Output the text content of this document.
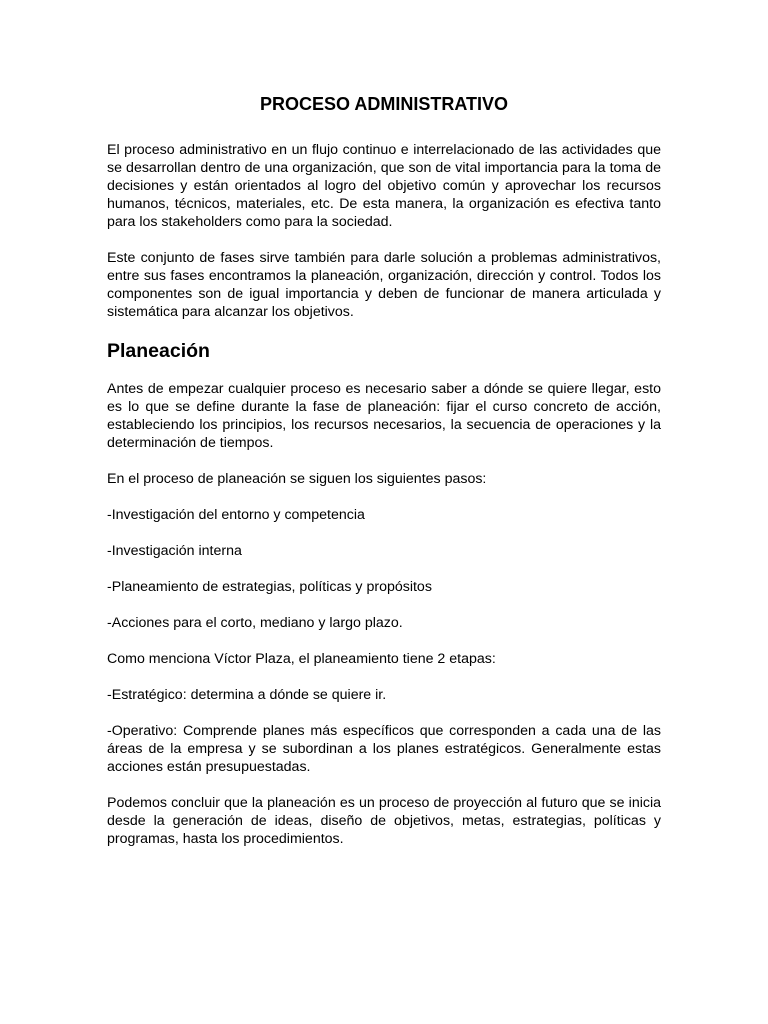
PROCESO ADMINISTRATIVO

El proceso administrativo en un flujo continuo e interrelacionado de las actividades que se desarrollan dentro de una organización, que son de vital importancia para la toma de decisiones y están orientados al logro del objetivo común y aprovechar los recursos humanos, técnicos, materiales, etc. De esta manera, la organización es efectiva tanto para los stakeholders como para la sociedad.

Este conjunto de fases sirve también para darle solución a problemas administrativos, entre sus fases encontramos la planeación, organización, dirección y control. Todos los componentes son de igual importancia y deben de funcionar de manera articulada y sistemática para alcanzar los objetivos.

Planeación

Antes de empezar cualquier proceso es necesario saber a dónde se quiere llegar, esto es lo que se define durante la fase de planeación: fijar el curso concreto de acción, estableciendo los principios, los recursos necesarios, la secuencia de operaciones y la determinación de tiempos.

En el proceso de planeación se siguen los siguientes pasos:

-Investigación del entorno y competencia

-Investigación interna

-Planeamiento de estrategias, políticas y propósitos

-Acciones para el corto, mediano y largo plazo.

Como menciona Víctor Plaza, el planeamiento tiene 2 etapas:

-Estratégico: determina a dónde se quiere ir.

-Operativo: Comprende planes más específicos que corresponden a cada una de las áreas de la empresa y se subordinan a los planes estratégicos. Generalmente estas acciones están presupuestadas.

Podemos concluir que la planeación es un proceso de proyección al futuro que se inicia desde la generación de ideas, diseño de objetivos, metas, estrategias, políticas y programas, hasta los procedimientos.
